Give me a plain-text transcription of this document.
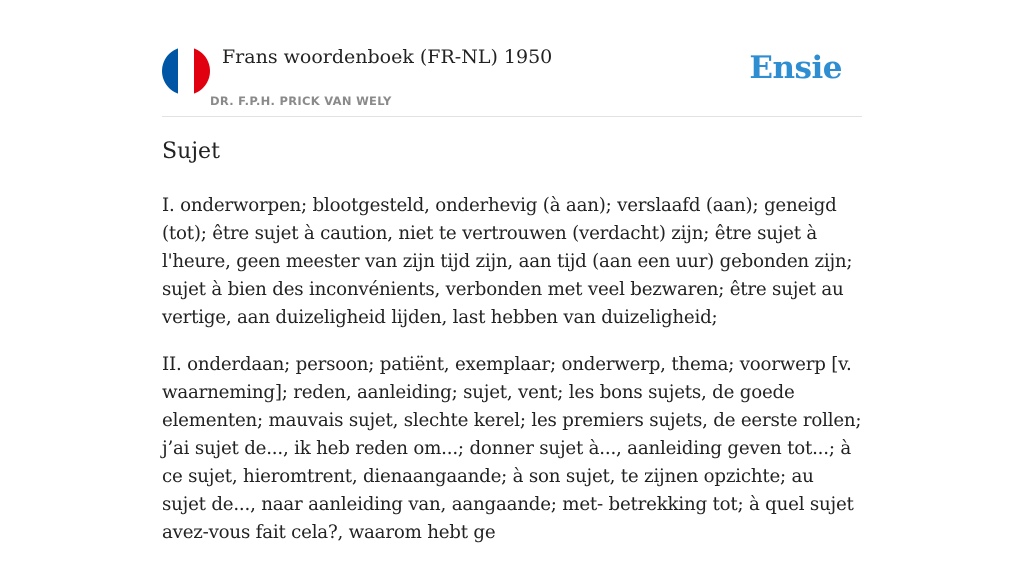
Frans woordenboek (FR-NL) 1950
DR. F.P.H. PRICK VAN WELY
Ensie
Sujet

I. onderworpen; blootgesteld, onderhevig (à aan); verslaafd (aan); geneigd (tot); être sujet à caution, niet te vertrouwen (verdacht) zijn; être sujet à l'heure, geen meester van zijn tijd zijn, aan tijd (aan een uur) gebonden zijn; sujet à bien des inconvénients, verbonden met veel bezwaren; être sujet au vertige, aan duizeligheid lijden, last hebben van duizeligheid;

II. onderdaan; persoon; patiënt, exemplaar; onderwerp, thema; voorwerp [v. waarneming]; reden, aanleiding; sujet, vent; les bons sujets, de goede elementen; mauvais sujet, slechte kerel; les premiers sujets, de eerste rollen; j’ai sujet de..., ik heb reden om...; donner sujet à..., aanleiding geven tot...; à ce sujet, hieromtrent, dienaangaande; à son sujet, te zijnen opzichte; au sujet de..., naar aanleiding van, aangaande; met- betrekking tot; à quel sujet avez-vous fait cela?, waarom hebt ge
